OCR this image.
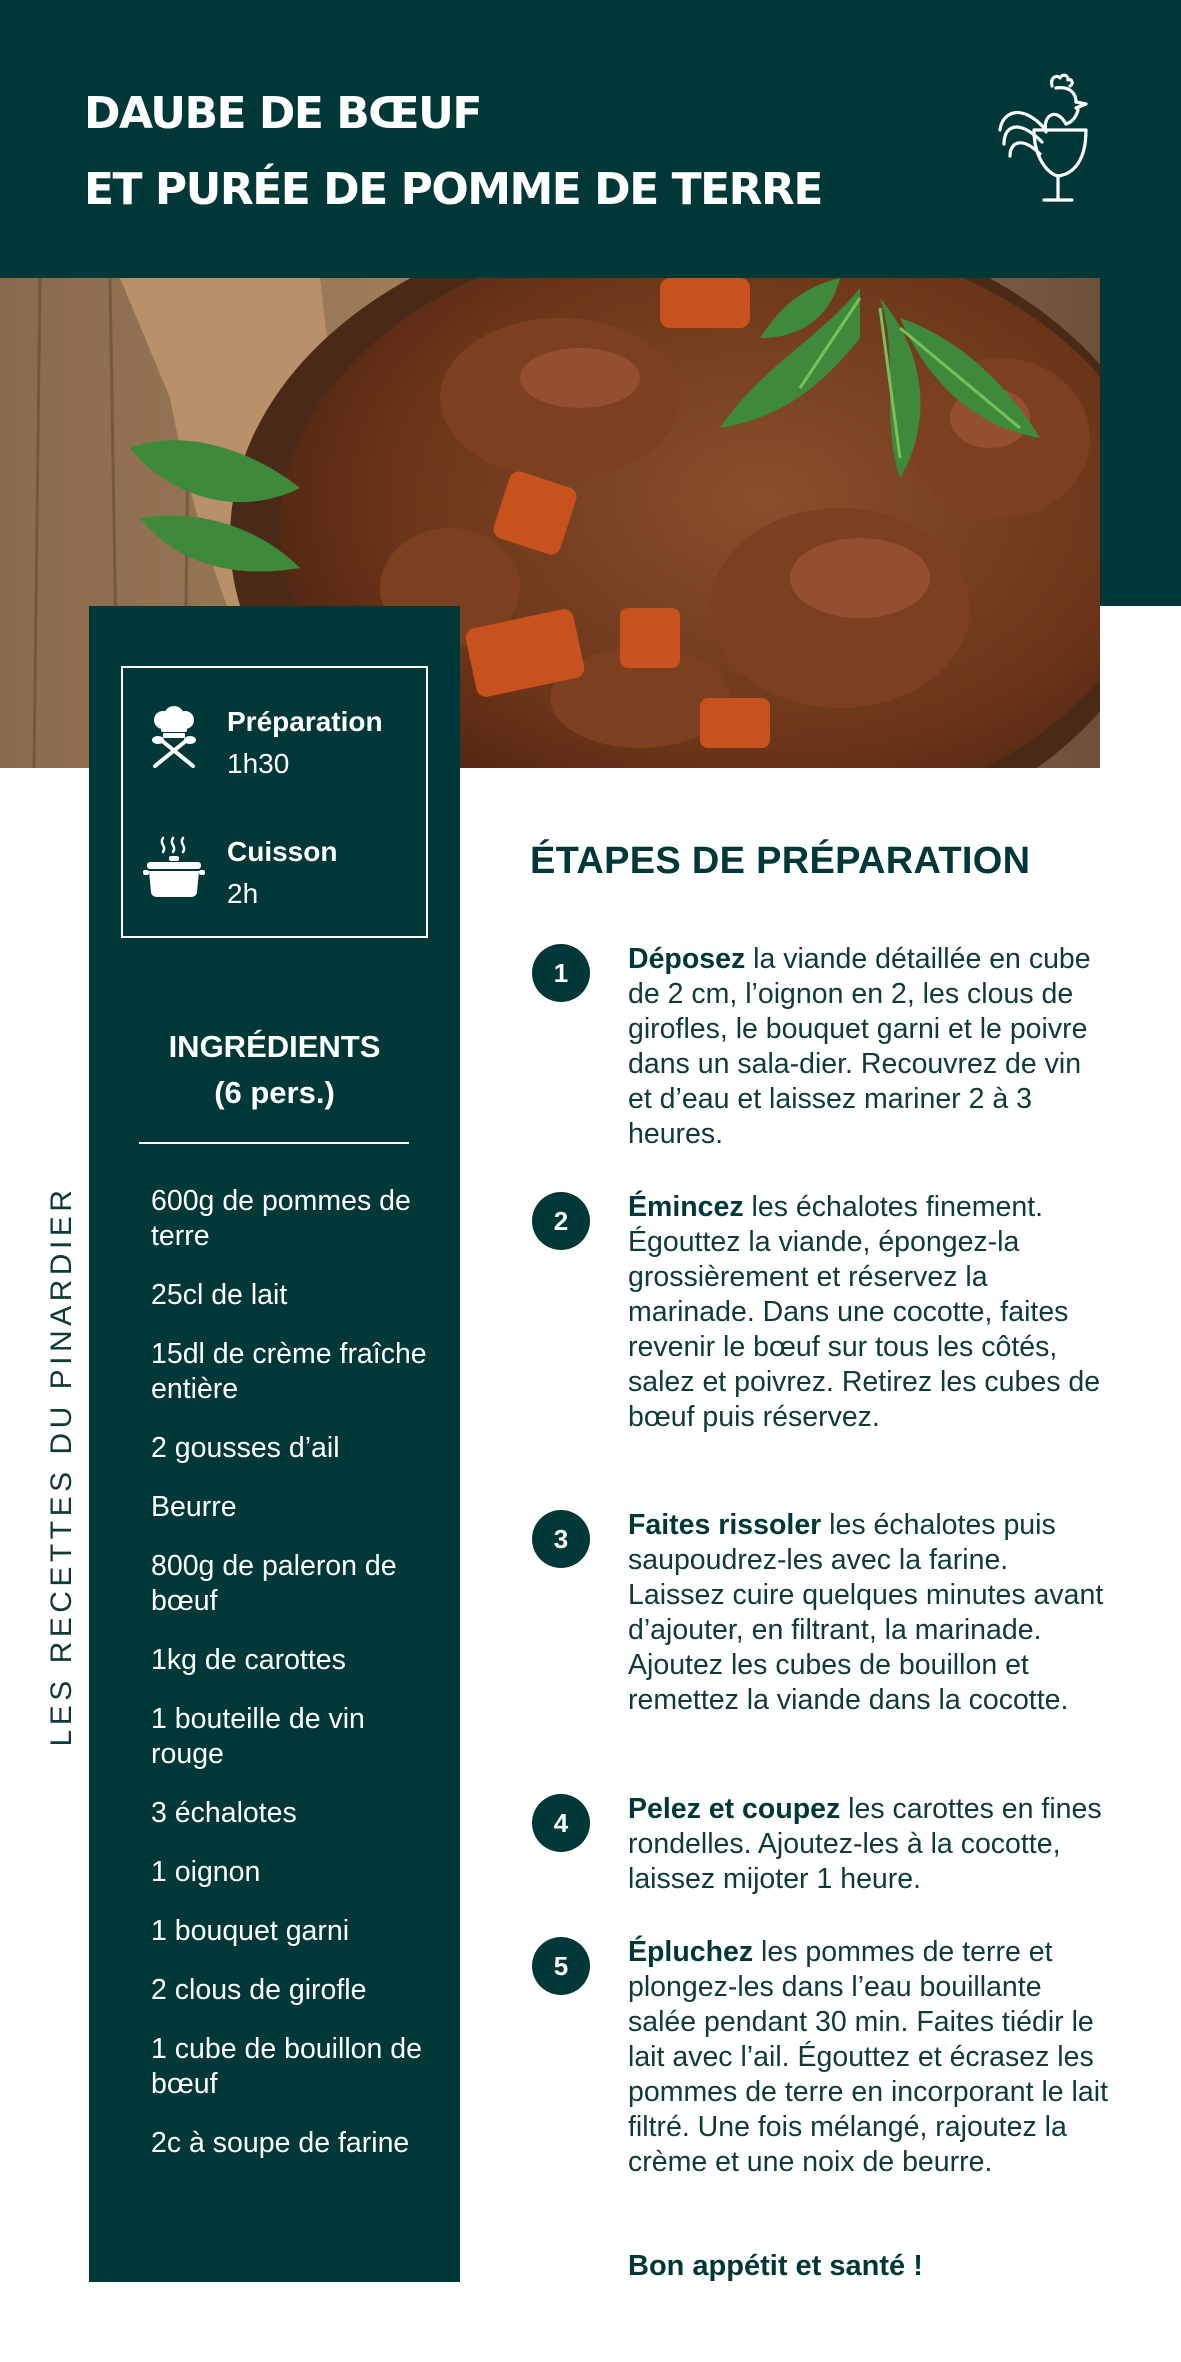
DAUBE DE BŒUF
ET PURÉE DE POMME DE TERRE
Préparation
1h30
Cuisson
2h
INGRÉDIENTS
(6 pers.)
600g de pommes de terre
25cl de lait
15dl de crème fraîche entière
2 gousses d’ail
Beurre
800g de paleron de bœuf
1kg de carottes
1 bouteille de vin rouge
3 échalotes
1 oignon
1 bouquet garni
2 clous de girofle
1 cube de bouillon de bœuf
2c à soupe de farine
LES RECETTES DU PINARDIER
ÉTAPES DE PRÉPARATION
1	Déposez la viande détaillée en cube de 2 cm, l’oignon en 2, les clous de girofles, le bouquet garni et le poivre dans un sala-dier. Recouvrez de vin et d’eau et laissez mariner 2 à 3 heures.
2	Émincez les échalotes finement. Égouttez la viande, épongez-la grossièrement et réservez la marinade. Dans une cocotte, faites revenir le bœuf sur tous les côtés, salez et poivrez. Retirez les cubes de bœuf puis réservez.
3	Faites rissoler les échalotes puis saupoudrez-les avec la farine. Laissez cuire quelques minutes avant d’ajouter, en filtrant, la marinade. Ajoutez les cubes de bouillon et remettez la viande dans la cocotte.
4	Pelez et coupez les carottes en fines rondelles. Ajoutez-les à la cocotte, laissez mijoter 1 heure.
5	Épluchez les pommes de terre et plongez-les dans l’eau bouillante salée pendant 30 min. Faites tiédir le lait avec l’ail. Égouttez et écrasez les pommes de terre en incorporant le lait filtré. Une fois mélangé, rajoutez la crème et une noix de beurre.
Bon appétit et santé !
